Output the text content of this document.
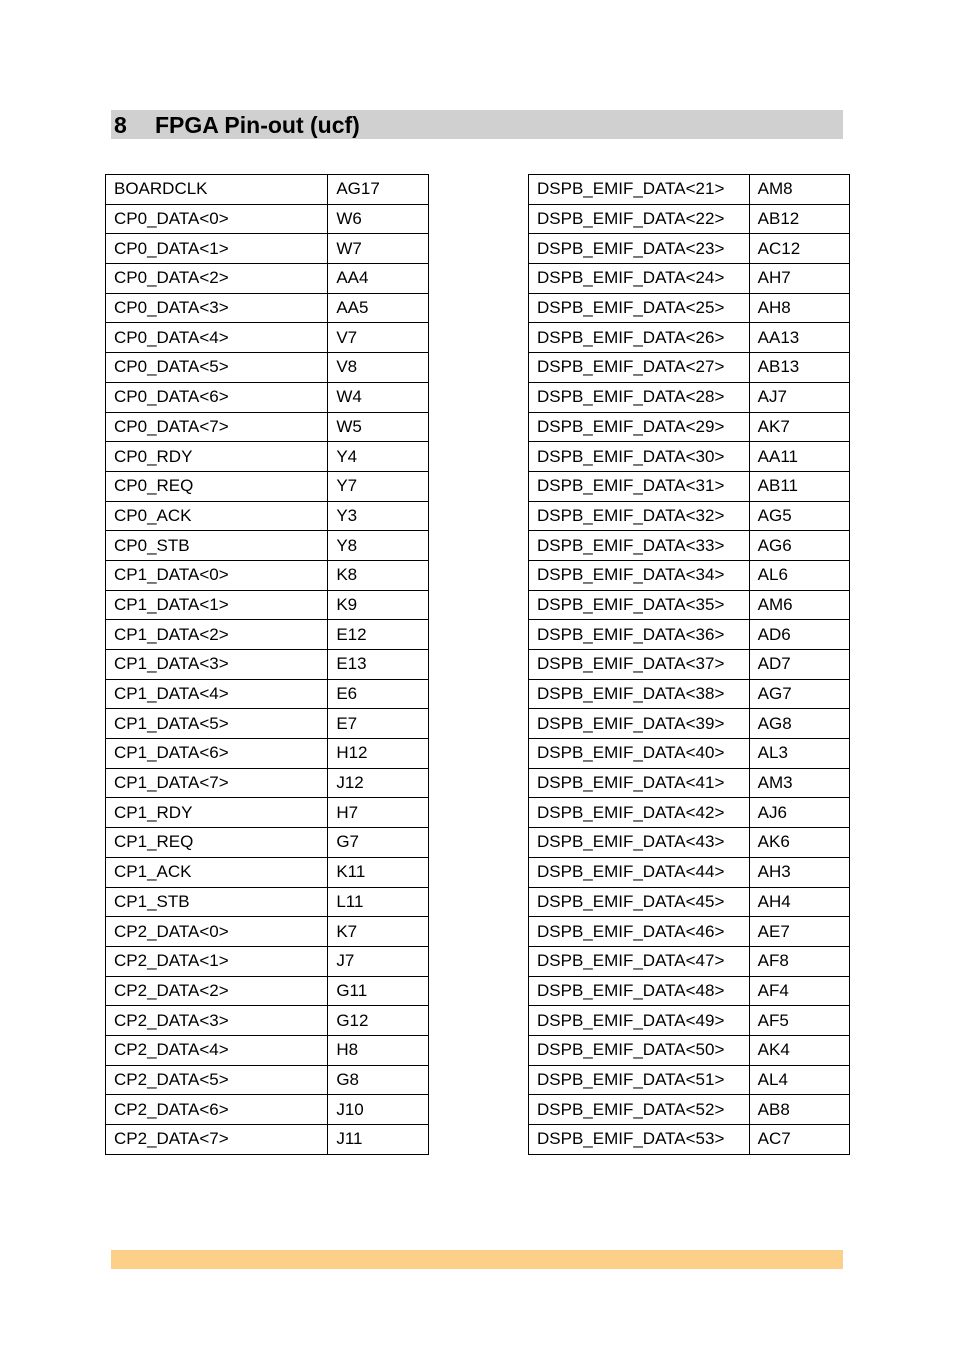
8 FPGA Pin-out (ucf)
BOARDCLK	AG17
CP0_DATA<0>	W6
CP0_DATA<1>	W7
CP0_DATA<2>	AA4
CP0_DATA<3>	AA5
CP0_DATA<4>	V7
CP0_DATA<5>	V8
CP0_DATA<6>	W4
CP0_DATA<7>	W5
CP0_RDY	Y4
CP0_REQ	Y7
CP0_ACK	Y3
CP0_STB	Y8
CP1_DATA<0>	K8
CP1_DATA<1>	K9
CP1_DATA<2>	E12
CP1_DATA<3>	E13
CP1_DATA<4>	E6
CP1_DATA<5>	E7
CP1_DATA<6>	H12
CP1_DATA<7>	J12
CP1_RDY	H7
CP1_REQ	G7
CP1_ACK	K11
CP1_STB	L11
CP2_DATA<0>	K7
CP2_DATA<1>	J7
CP2_DATA<2>	G11
CP2_DATA<3>	G12
CP2_DATA<4>	H8
CP2_DATA<5>	G8
CP2_DATA<6>	J10
CP2_DATA<7>	J11
DSPB_EMIF_DATA<21>	AM8
DSPB_EMIF_DATA<22>	AB12
DSPB_EMIF_DATA<23>	AC12
DSPB_EMIF_DATA<24>	AH7
DSPB_EMIF_DATA<25>	AH8
DSPB_EMIF_DATA<26>	AA13
DSPB_EMIF_DATA<27>	AB13
DSPB_EMIF_DATA<28>	AJ7
DSPB_EMIF_DATA<29>	AK7
DSPB_EMIF_DATA<30>	AA11
DSPB_EMIF_DATA<31>	AB11
DSPB_EMIF_DATA<32>	AG5
DSPB_EMIF_DATA<33>	AG6
DSPB_EMIF_DATA<34>	AL6
DSPB_EMIF_DATA<35>	AM6
DSPB_EMIF_DATA<36>	AD6
DSPB_EMIF_DATA<37>	AD7
DSPB_EMIF_DATA<38>	AG7
DSPB_EMIF_DATA<39>	AG8
DSPB_EMIF_DATA<40>	AL3
DSPB_EMIF_DATA<41>	AM3
DSPB_EMIF_DATA<42>	AJ6
DSPB_EMIF_DATA<43>	AK6
DSPB_EMIF_DATA<44>	AH3
DSPB_EMIF_DATA<45>	AH4
DSPB_EMIF_DATA<46>	AE7
DSPB_EMIF_DATA<47>	AF8
DSPB_EMIF_DATA<48>	AF4
DSPB_EMIF_DATA<49>	AF5
DSPB_EMIF_DATA<50>	AK4
DSPB_EMIF_DATA<51>	AL4
DSPB_EMIF_DATA<52>	AB8
DSPB_EMIF_DATA<53>	AC7
